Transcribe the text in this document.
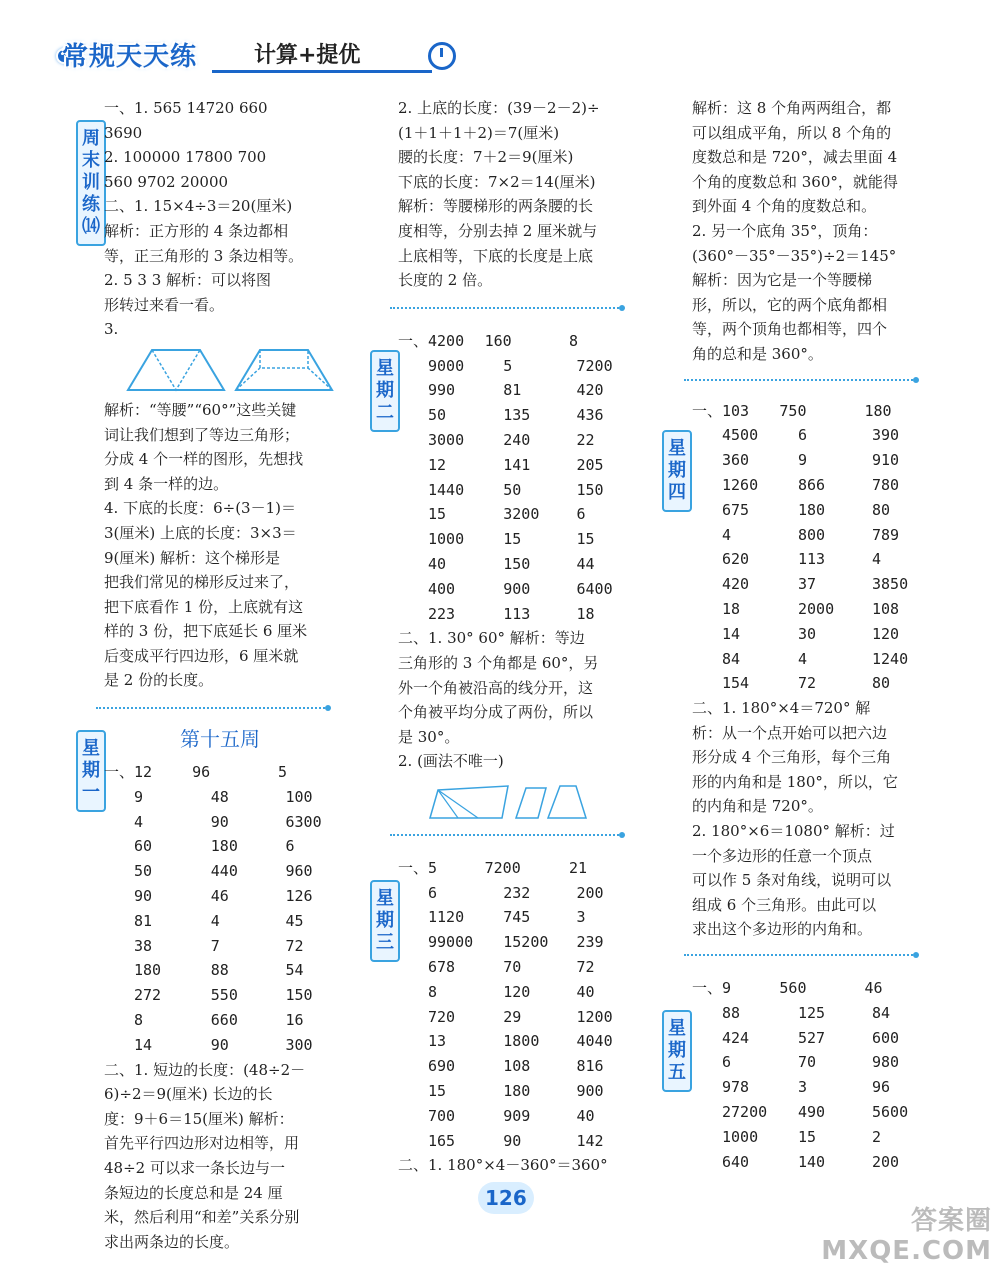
常规天天练	计算+提优
周末训练⒁
星期一
星期二
星期三
星期四
星期五
一、1. 565 14720 660
3690
2. 100000 17800 700
560 9702 20000
二、1. 15×4÷3＝20(厘米)
解析：正方形的 4 条边都相
等，正三角形的 3 条边相等。
2. 5 3 3 解析：可以将图
形转过来看一看。
3.
解析：“等腰”“60°”这些关键
词让我们想到了等边三角形；
分成 4 个一样的图形，先想找
到 4 条一样的边。
4. 下底的长度：6÷(3－1)＝
3(厘米) 上底的长度：3×3＝
9(厘米) 解析：这个梯形是
把我们常见的梯形反过来了，
把下底看作 1 份，上底就有这
样的 3 份，把下底延长 6 厘米
后变成平行四边形，6 厘米就
是 2 份的长度。
第十五周
一、12	96	5
9	48	100
4	90	6300
60	180	6
50	440	960
90	46	126
81	4	45
38	7	72
180	88	54
272	550	150
8	660	16
14	90	300
二、1. 短边的长度：(48÷2－
6)÷2＝9(厘米) 长边的长
度：9＋6＝15(厘米) 解析：
首先平行四边形对边相等，用
48÷2 可以求一条长边与一
条短边的长度总和是 24 厘
米，然后利用“和差”关系分别
求出两条边的长度。
2. 上底的长度：(39－2－2)÷
(1＋1＋1＋2)＝7(厘米)
腰的长度：7＋2＝9(厘米)
下底的长度：7×2＝14(厘米)
解析：等腰梯形的两条腰的长
度相等，分别去掉 2 厘米就与
上底相等，下底的长度是上底
长度的 2 倍。
一、4200	160	8
9000	5	7200
990	81	420
50	135	436
3000	240	22
12	141	205
1440	50	150
15	3200	6
1000	15	15
40	150	44
400	900	6400
223	113	18
二、1. 30° 60° 解析：等边
三角形的 3 个角都是 60°，另
外一个角被沿高的线分开，这
个角被平均分成了两份，所以
是 30°。
2. (画法不唯一)
一、5	7200	21
6	232	200
1120	745	3
99000	15200	239
678	70	72
8	120	40
720	29	1200
13	1800	4040
690	108	816
15	180	900
700	909	40
165	90	142
二、1. 180°×4－360°＝360°
解析：这 8 个角两两组合，都
可以组成平角，所以 8 个角的
度数总和是 720°，减去里面 4
个角的度数总和 360°，就能得
到外面 4 个角的度数总和。
2. 另一个底角 35°，顶角：
(360°－35°－35°)÷2＝145°
解析：因为它是一个等腰梯
形，所以，它的两个底角都相
等，两个顶角也都相等，四个
角的总和是 360°。
一、103	750	180
4500	6	390
360	9	910
1260	866	780
675	180	80
4	800	789
620	113	4
420	37	3850
18	2000	108
14	30	120
84	4	1240
154	72	80
二、1. 180°×4＝720° 解
析：从一个点开始可以把六边
形分成 4 个三角形，每个三角
形的内角和是 180°，所以，它
的内角和是 720°。
2. 180°×6＝1080° 解析：过
一个多边形的任意一个顶点
可以作 5 条对角线，说明可以
组成 6 个三角形。由此可以
求出这个多边形的内角和。
一、9	560	46
88	125	84
424	527	600
6	70	980
978	3	96
27200	490	5600
1000	15	2
640	140	200
126
答案圈
MXQE.COM
